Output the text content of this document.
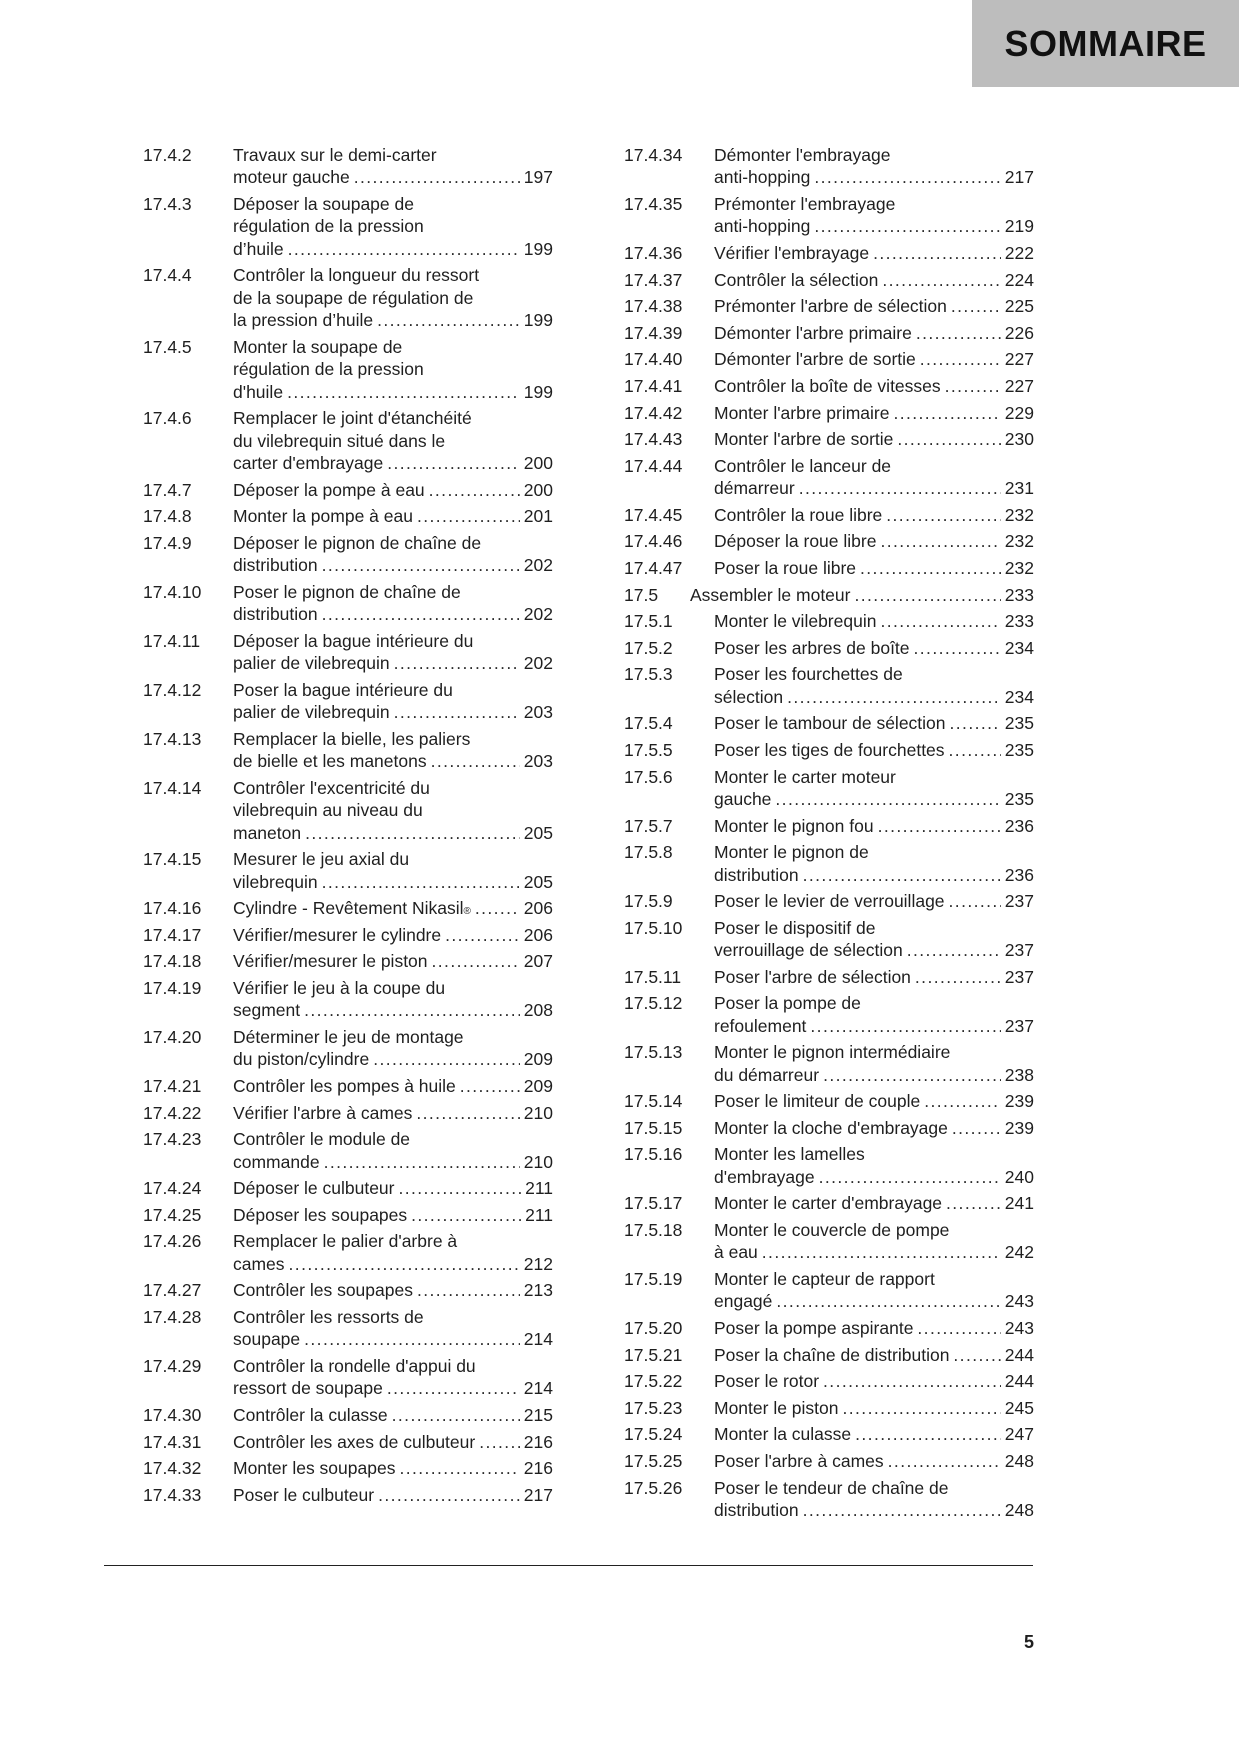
SOMMAIRE
17.4.2	Travaux sur le demi-carter
moteur gauche .....	197
17.4.3	Déposer la soupape de
régulation de la pression
d’huile .....	199
17.4.4	Contrôler la longueur du ressort
de la soupape de régulation de
la pression d’huile .....	199
17.4.5	Monter la soupape de
régulation de la pression
d'huile .....	199
17.4.6	Remplacer le joint d'étanchéité
du vilebrequin situé dans le
carter d'embrayage .....	200
17.4.7	Déposer la pompe à eau .....	200
17.4.8	Monter la pompe à eau .....	201
17.4.9	Déposer le pignon de chaîne de
distribution .....	202
17.4.10	Poser le pignon de chaîne de
distribution .....	202
17.4.11	Déposer la bague intérieure du
palier de vilebrequin .....	202
17.4.12	Poser la bague intérieure du
palier de vilebrequin .....	203
17.4.13	Remplacer la bielle, les paliers
de bielle et les manetons .....	203
17.4.14	Contrôler l'excentricité du
vilebrequin au niveau du
maneton .....	205
17.4.15	Mesurer le jeu axial du
vilebrequin .....	205
17.4.16	Cylindre - Revêtement Nikasil ® .....	206
17.4.17	Vérifier/mesurer le cylindre .....	206
17.4.18	Vérifier/mesurer le piston .....	207
17.4.19	Vérifier le jeu à la coupe du
segment .....	208
17.4.20	Déterminer le jeu de montage
du piston/cylindre .....	209
17.4.21	Contrôler les pompes à huile .....	209
17.4.22	Vérifier l'arbre à cames .....	210
17.4.23	Contrôler le module de
commande .....	210
17.4.24	Déposer le culbuteur .....	211
17.4.25	Déposer les soupapes .....	211
17.4.26	Remplacer le palier d'arbre à
cames .....	212
17.4.27	Contrôler les soupapes .....	213
17.4.28	Contrôler les ressorts de
soupape .....	214
17.4.29	Contrôler la rondelle d'appui du
ressort de soupape .....	214
17.4.30	Contrôler la culasse .....	215
17.4.31	Contrôler les axes de culbuteur .....	216
17.4.32	Monter les soupapes .....	216
17.4.33	Poser le culbuteur .....	217
17.4.34	Démonter l'embrayage
anti-hopping .....	217
17.4.35	Prémonter l'embrayage
anti-hopping .....	219
17.4.36	Vérifier l'embrayage .....	222
17.4.37	Contrôler la sélection .....	224
17.4.38	Prémonter l'arbre de sélection .....	225
17.4.39	Démonter l'arbre primaire .....	226
17.4.40	Démonter l'arbre de sortie .....	227
17.4.41	Contrôler la boîte de vitesses .....	227
17.4.42	Monter l'arbre primaire .....	229
17.4.43	Monter l'arbre de sortie .....	230
17.4.44	Contrôler le lanceur de
démarreur .....	231
17.4.45	Contrôler la roue libre .....	232
17.4.46	Déposer la roue libre .....	232
17.4.47	Poser la roue libre .....	232
17.5	Assembler le moteur .....	233
17.5.1	Monter le vilebrequin .....	233
17.5.2	Poser les arbres de boîte .....	234
17.5.3	Poser les fourchettes de
sélection .....	234
17.5.4	Poser le tambour de sélection .....	235
17.5.5	Poser les tiges de fourchettes .....	235
17.5.6	Monter le carter moteur
gauche .....	235
17.5.7	Monter le pignon fou .....	236
17.5.8	Monter le pignon de
distribution .....	236
17.5.9	Poser le levier de verrouillage .....	237
17.5.10	Poser le dispositif de
verrouillage de sélection .....	237
17.5.11	Poser l'arbre de sélection .....	237
17.5.12	Poser la pompe de
refoulement .....	237
17.5.13	Monter le pignon intermédiaire
du démarreur .....	238
17.5.14	Poser le limiteur de couple .....	239
17.5.15	Monter la cloche d'embrayage .....	239
17.5.16	Monter les lamelles
d'embrayage .....	240
17.5.17	Monter le carter d'embrayage .....	241
17.5.18	Monter le couvercle de pompe
à eau .....	242
17.5.19	Monter le capteur de rapport
engagé .....	243
17.5.20	Poser la pompe aspirante .....	243
17.5.21	Poser la chaîne de distribution .....	244
17.5.22	Poser le rotor .....	244
17.5.23	Monter le piston .....	245
17.5.24	Monter la culasse .....	247
17.5.25	Poser l'arbre à cames .....	248
17.5.26	Poser le tendeur de chaîne de
distribution .....	248
5
